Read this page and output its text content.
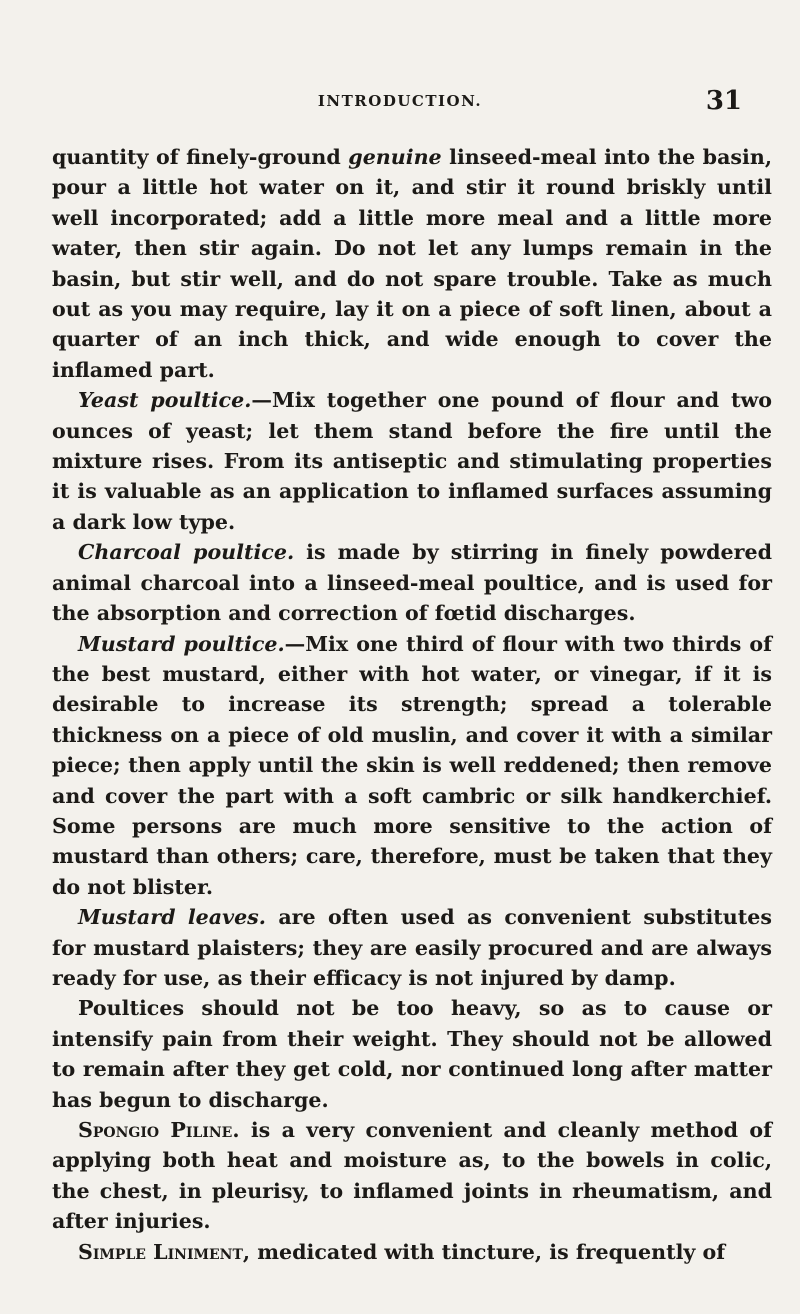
INTRODUCTION.	31

quantity of finely-ground genuine linseed-meal into the basin, pour a little hot water on it, and stir it round briskly until well incorporated; add a little more meal and a little more water, then stir again. Do not let any lumps remain in the basin, but stir well, and do not spare trouble. Take as much out as you may require, lay it on a piece of soft linen, about a quarter of an inch thick, and wide enough to cover the inflamed part.

Yeast poultice.—Mix together one pound of flour and two ounces of yeast; let them stand before the fire until the mixture rises. From its antiseptic and stimulating properties it is valuable as an application to inflamed surfaces assuming a dark low type.

Charcoal poultice. is made by stirring in finely powdered animal charcoal into a linseed-meal poultice, and is used for the absorption and correction of fœtid discharges.

Mustard poultice.—Mix one third of flour with two thirds of the best mustard, either with hot water, or vinegar, if it is desirable to increase its strength; spread a tolerable thickness on a piece of old muslin, and cover it with a similar piece; then apply until the skin is well reddened; then remove and cover the part with a soft cambric or silk handkerchief. Some persons are much more sensitive to the action of mustard than others; care, therefore, must be taken that they do not blister.

Mustard leaves. are often used as convenient substitutes for mustard plaisters; they are easily procured and are always ready for use, as their efficacy is not injured by damp.

Poultices should not be too heavy, so as to cause or intensify pain from their weight. They should not be allowed to remain after they get cold, nor continued long after matter has begun to discharge.

Spongio Piline. is a very convenient and cleanly method of applying both heat and moisture as, to the bowels in colic, the chest, in pleurisy, to inflamed joints in rheumatism, and after injuries.

Simple Liniment, medicated with tincture, is frequently of
